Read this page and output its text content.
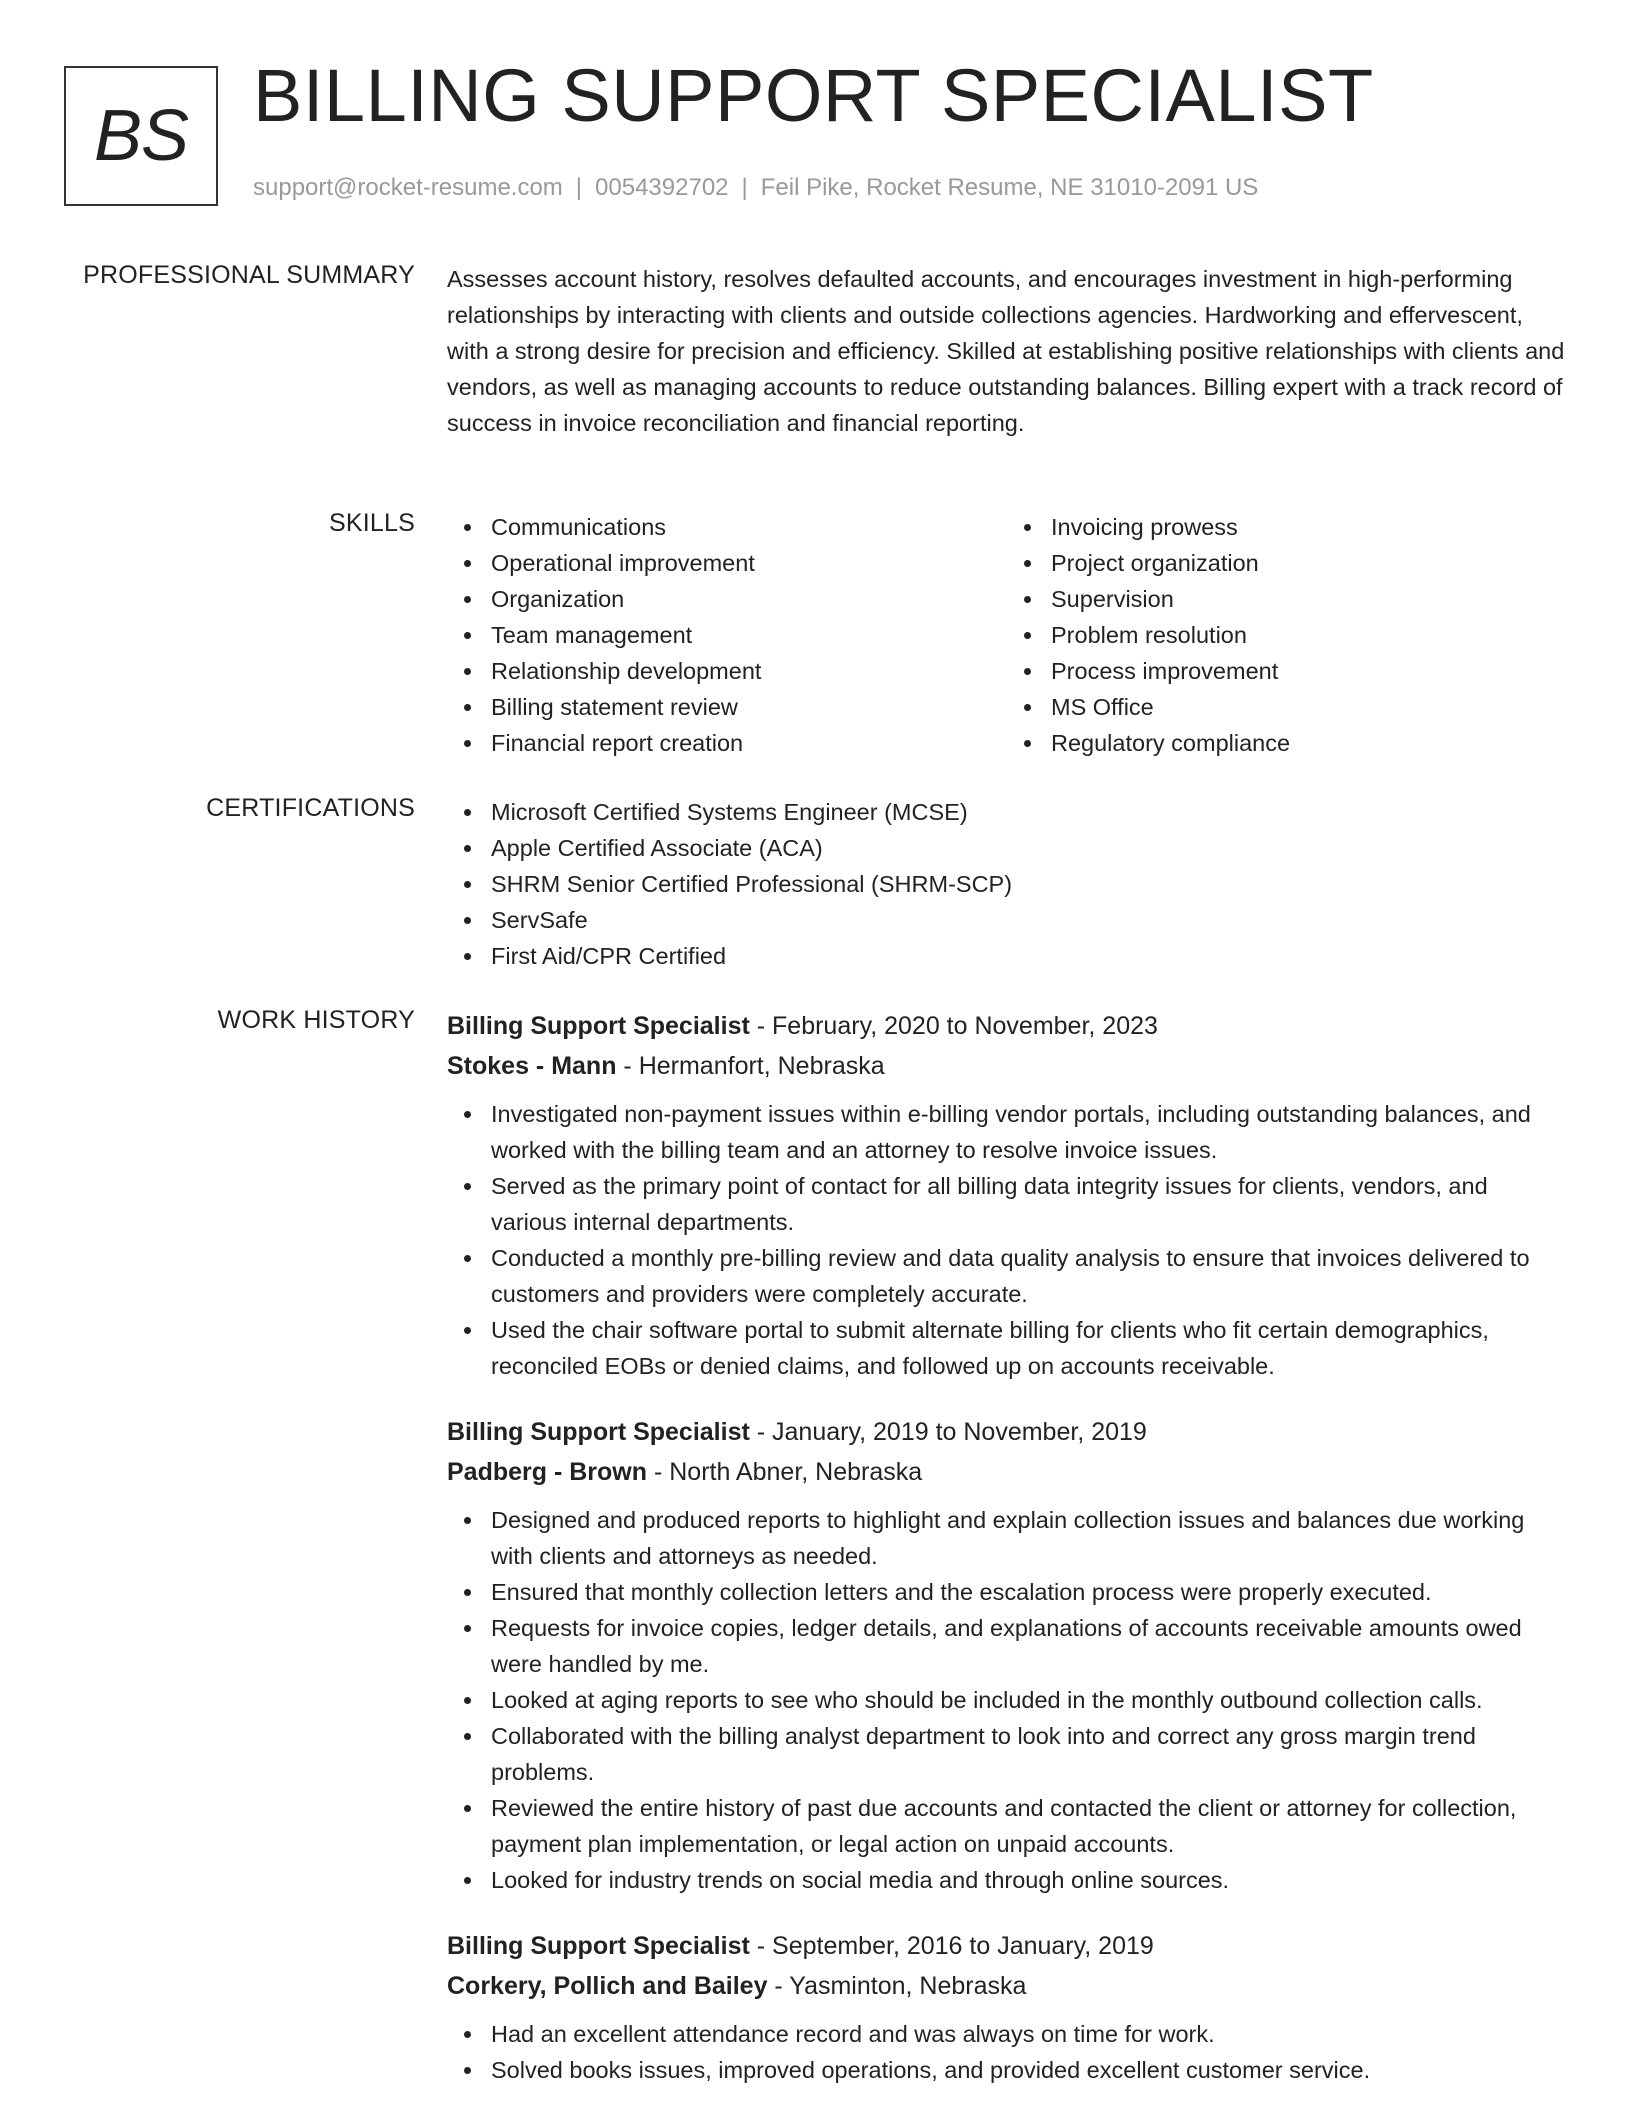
BS BILLING SUPPORT SPECIALIST
support@rocket-resume.com | 0054392702 | Feil Pike, Rocket Resume, NE 31010-2091 US
PROFESSIONAL SUMMARY Assesses account history, resolves defaulted accounts, and encourages investment in high-performing relationships by interacting with clients and outside collections agencies. Hardworking and effervescent, with a strong desire for precision and efficiency. Skilled at establishing positive relationships with clients and vendors, as well as managing accounts to reduce outstanding balances. Billing expert with a track record of success in invoice reconciliation and financial reporting.

SKILLS	Communications
Operational improvement
Organization
Team management
Relationship development
Billing statement review
Financial report creation
Invoicing prowess
Project organization
Supervision
Problem resolution
Process improvement
MS Office
Regulatory compliance
CERTIFICATIONS	Microsoft Certified Systems Engineer (MCSE)
Apple Certified Associate (ACA)
SHRM Senior Certified Professional (SHRM-SCP)
ServSafe
First Aid/CPR Certified
WORK HISTORY Billing Support Specialist - February, 2020 to November, 2023
Stokes - Mann - Hermanfort, Nebraska
Investigated non-payment issues within e-billing vendor portals, including outstanding balances, and worked with the billing team and an attorney to resolve invoice issues.
Served as the primary point of contact for all billing data integrity issues for clients, vendors, and various internal departments.
Conducted a monthly pre-billing review and data quality analysis to ensure that invoices delivered to customers and providers were completely accurate.
Used the chair software portal to submit alternate billing for clients who fit certain demographics, reconciled EOBs or denied claims, and followed up on accounts receivable.
Billing Support Specialist - January, 2019 to November, 2019
Padberg - Brown - North Abner, Nebraska
Designed and produced reports to highlight and explain collection issues and balances due working with clients and attorneys as needed.
Ensured that monthly collection letters and the escalation process were properly executed.
Requests for invoice copies, ledger details, and explanations of accounts receivable amounts owed were handled by me.
Looked at aging reports to see who should be included in the monthly outbound collection calls.
Collaborated with the billing analyst department to look into and correct any gross margin trend problems.
Reviewed the entire history of past due accounts and contacted the client or attorney for collection, payment plan implementation, or legal action on unpaid accounts.
Looked for industry trends on social media and through online sources.
Billing Support Specialist - September, 2016 to January, 2019
Corkery, Pollich and Bailey - Yasminton, Nebraska
Had an excellent attendance record and was always on time for work.
Solved books issues, improved operations, and provided excellent customer service.
